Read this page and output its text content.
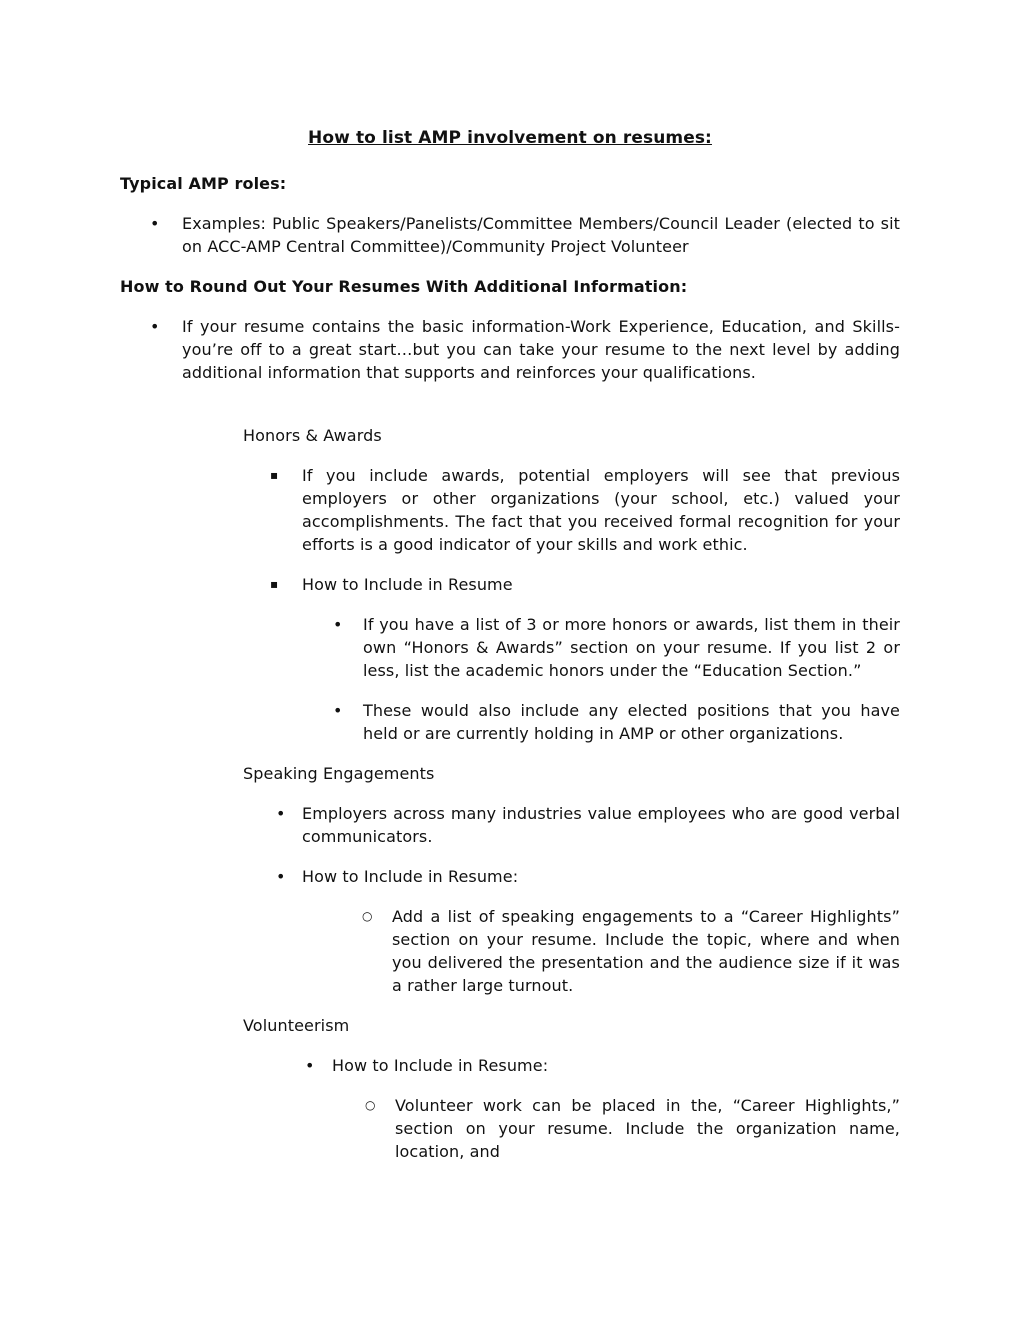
How to list AMP involvement on resumes:
Typical AMP roles:
•	Examples: Public Speakers/Panelists/Committee Members/Council Leader (elected to sit on ACC-AMP Central Committee)/Community Project Volunteer
How to Round Out Your Resumes With Additional Information:
•	If your resume contains the basic information-Work Experience, Education, and Skills-you’re off to a great start…but you can take your resume to the next level by adding additional information that supports and reinforces your qualifications.
Honors & Awards
▪	If you include awards, potential employers will see that previous employers or other organizations (your school, etc.) valued your accomplishments. The fact that you received formal recognition for your efforts is a good indicator of your skills and work ethic.
▪	How to Include in Resume
•	If you have a list of 3 or more honors or awards, list them in their own “Honors & Awards” section on your resume. If you list 2 or less, list the academic honors under the “Education Section.”
•	These would also include any elected positions that you have held or are currently holding in AMP or other organizations.
Speaking Engagements
•	Employers across many industries value employees who are good verbal communicators.
•	How to Include in Resume:
○	Add a list of speaking engagements to a “Career Highlights” section on your resume. Include the topic, where and when you delivered the presentation and the audience size if it was a rather large turnout.
Volunteerism
•	How to Include in Resume:
○	Volunteer work can be placed in the, “Career Highlights,” section on your resume. Include the organization name, location, and
